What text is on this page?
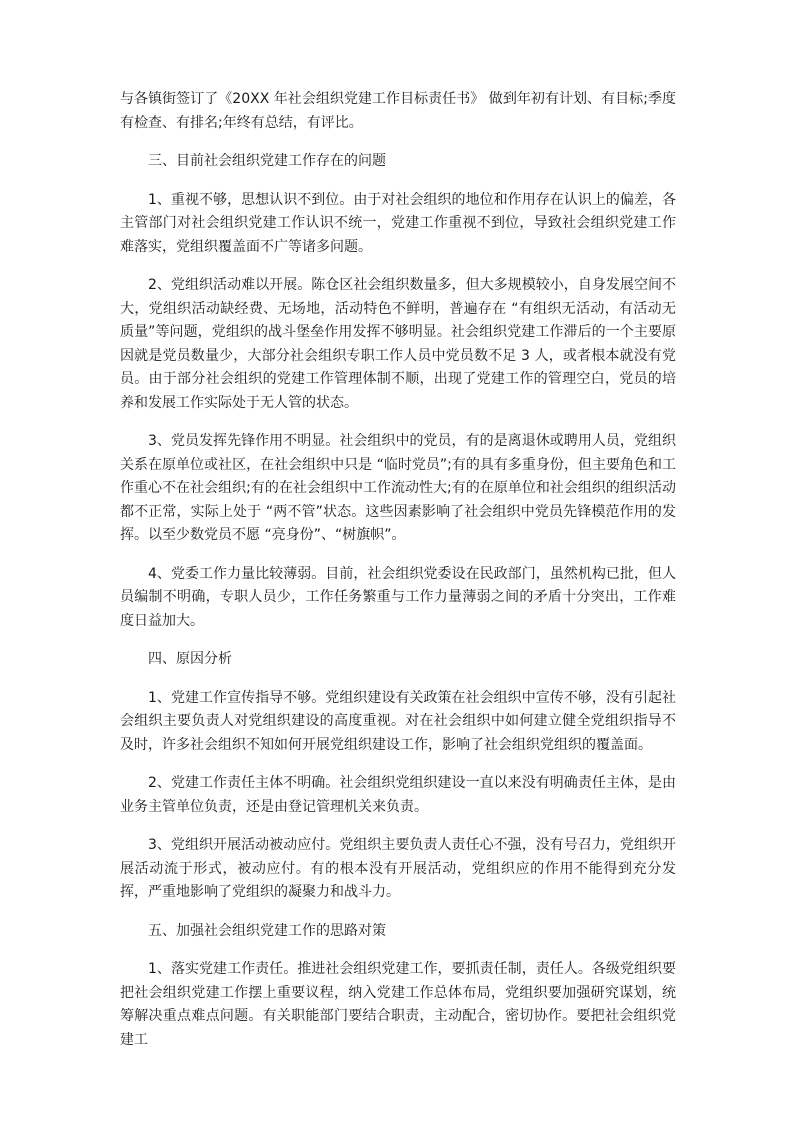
与各镇街签订了《20XX 年社会组织党建工作目标责任书》 做到年初有计划、有目标;季度有检查、有排名;年终有总结，有评比。

三、目前社会组织党建工作存在的问题

1、重视不够，思想认识不到位。由于对社会组织的地位和作用存在认识上的偏差，各主管部门对社会组织党建工作认识不统一，党建工作重视不到位，导致社会组织党建工作难落实，党组织覆盖面不广等诸多问题。

2、党组织活动难以开展。陈仓区社会组织数量多，但大多规模较小，自身发展空间不大，党组织活动缺经费、无场地，活动特色不鲜明，普遍存在 “有组织无活动，有活动无质量”等问题，党组织的战斗堡垒作用发挥不够明显。社会组织党建工作滞后的一个主要原因就是党员数量少，大部分社会组织专职工作人员中党员数不足 3 人，或者根本就没有党员。由于部分社会组织的党建工作管理体制不顺，出现了党建工作的管理空白，党员的培养和发展工作实际处于无人管的状态。

3、党员发挥先锋作用不明显。社会组织中的党员，有的是离退休或聘用人员，党组织关系在原单位或社区，在社会组织中只是 “临时党员”;有的具有多重身份，但主要角色和工作重心不在社会组织;有的在社会组织中工作流动性大;有的在原单位和社会组织的组织活动都不正常，实际上处于 “两不管”状态。这些因素影响了社会组织中党员先锋模范作用的发挥。以至少数党员不愿 “亮身份”、“树旗帜”。

4、党委工作力量比较薄弱。目前，社会组织党委设在民政部门，虽然机构已批，但人员编制不明确，专职人员少，工作任务繁重与工作力量薄弱之间的矛盾十分突出，工作难度日益加大。

四、原因分析

1、党建工作宣传指导不够。党组织建设有关政策在社会组织中宣传不够，没有引起社会组织主要负责人对党组织建设的高度重视。对在社会组织中如何建立健全党组织指导不及时，许多社会组织不知如何开展党组织建设工作，影响了社会组织党组织的覆盖面。

2、党建工作责任主体不明确。社会组织党组织建设一直以来没有明确责任主体，是由业务主管单位负责，还是由登记管理机关来负责。

3、党组织开展活动被动应付。党组织主要负责人责任心不强，没有号召力，党组织开展活动流于形式，被动应付。有的根本没有开展活动，党组织应的作用不能得到充分发挥，严重地影响了党组织的凝聚力和战斗力。

五、加强社会组织党建工作的思路对策

1、落实党建工作责任。推进社会组织党建工作，要抓责任制，责任人。各级党组织要把社会组织党建工作摆上重要议程，纳入党建工作总体布局，党组织要加强研究谋划，统筹解决重点难点问题。有关职能部门要结合职责，主动配合，密切协作。要把社会组织党建工
